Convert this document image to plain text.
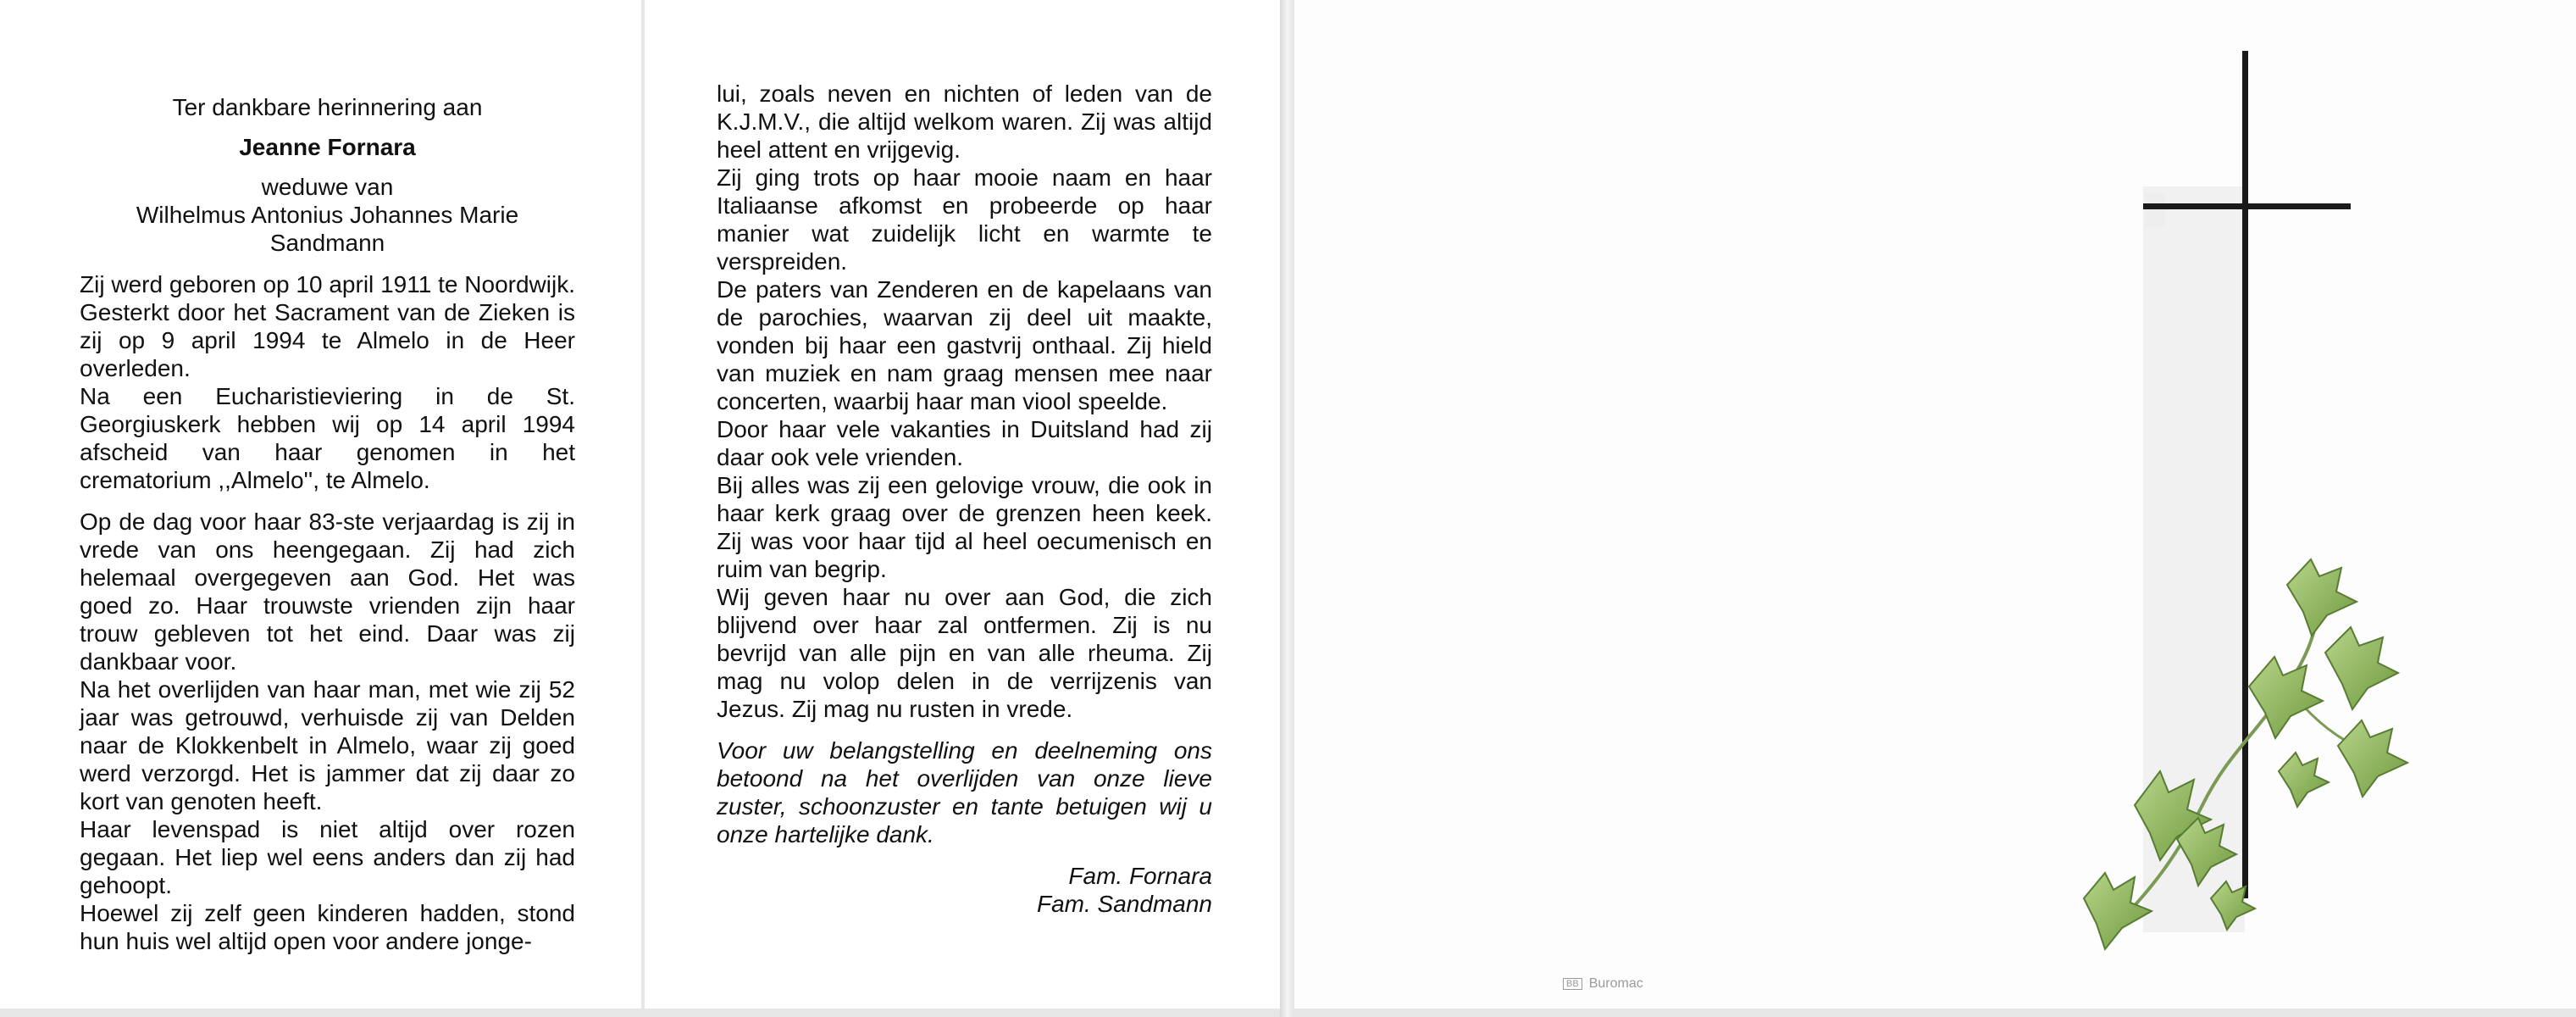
Ter dankbare herinnering aan

Jeanne Fornara

weduwe van

Wilhelmus Antonius Johannes Marie

Sandmann

Zij werd geboren op 10 april 1911 te Noordwijk. Gesterkt door het Sacrament van de Zieken is zij op 9 april 1994 te Almelo in de Heer overleden.

Na een Eucharistieviering in de St. Georgiuskerk hebben wij op 14 april 1994 afscheid van haar genomen in het crematorium ,,Almelo'', te Almelo.

Op de dag voor haar 83-ste verjaardag is zij in vrede van ons heengegaan. Zij had zich helemaal overgegeven aan God. Het was goed zo. Haar trouwste vrienden zijn haar trouw gebleven tot het eind. Daar was zij dankbaar voor.

Na het overlijden van haar man, met wie zij 52 jaar was getrouwd, verhuisde zij van Delden naar de Klokkenbelt in Almelo, waar zij goed werd verzorgd. Het is jammer dat zij daar zo kort van genoten heeft.

Haar levenspad is niet altijd over rozen gegaan. Het liep wel eens anders dan zij had gehoopt.

Hoewel zij zelf geen kinderen hadden, stond hun huis wel altijd open voor andere jonge-

lui, zoals neven en nichten of leden van de K.J.M.V., die altijd welkom waren. Zij was altijd heel attent en vrijgevig.

Zij ging trots op haar mooie naam en haar Italiaanse afkomst en probeerde op haar manier wat zuidelijk licht en warmte te verspreiden.

De paters van Zenderen en de kapelaans van de parochies, waarvan zij deel uit maakte, vonden bij haar een gastvrij onthaal. Zij hield van muziek en nam graag mensen mee naar concerten, waarbij haar man viool speelde.

Door haar vele vakanties in Duitsland had zij daar ook vele vrienden.

Bij alles was zij een gelovige vrouw, die ook in haar kerk graag over de grenzen heen keek. Zij was voor haar tijd al heel oecumenisch en ruim van begrip.

Wij geven haar nu over aan God, die zich blijvend over haar zal ontfermen. Zij is nu bevrijd van alle pijn en van alle rheuma. Zij mag nu volop delen in de verrijzenis van Jezus. Zij mag nu rusten in vrede.

Voor uw belangstelling en deelneming ons betoond na het overlijden van onze lieve zuster, schoonzuster en tante betuigen wij u onze hartelijke dank.

Fam. Fornara

Fam. Sandmann

BB Buromac
